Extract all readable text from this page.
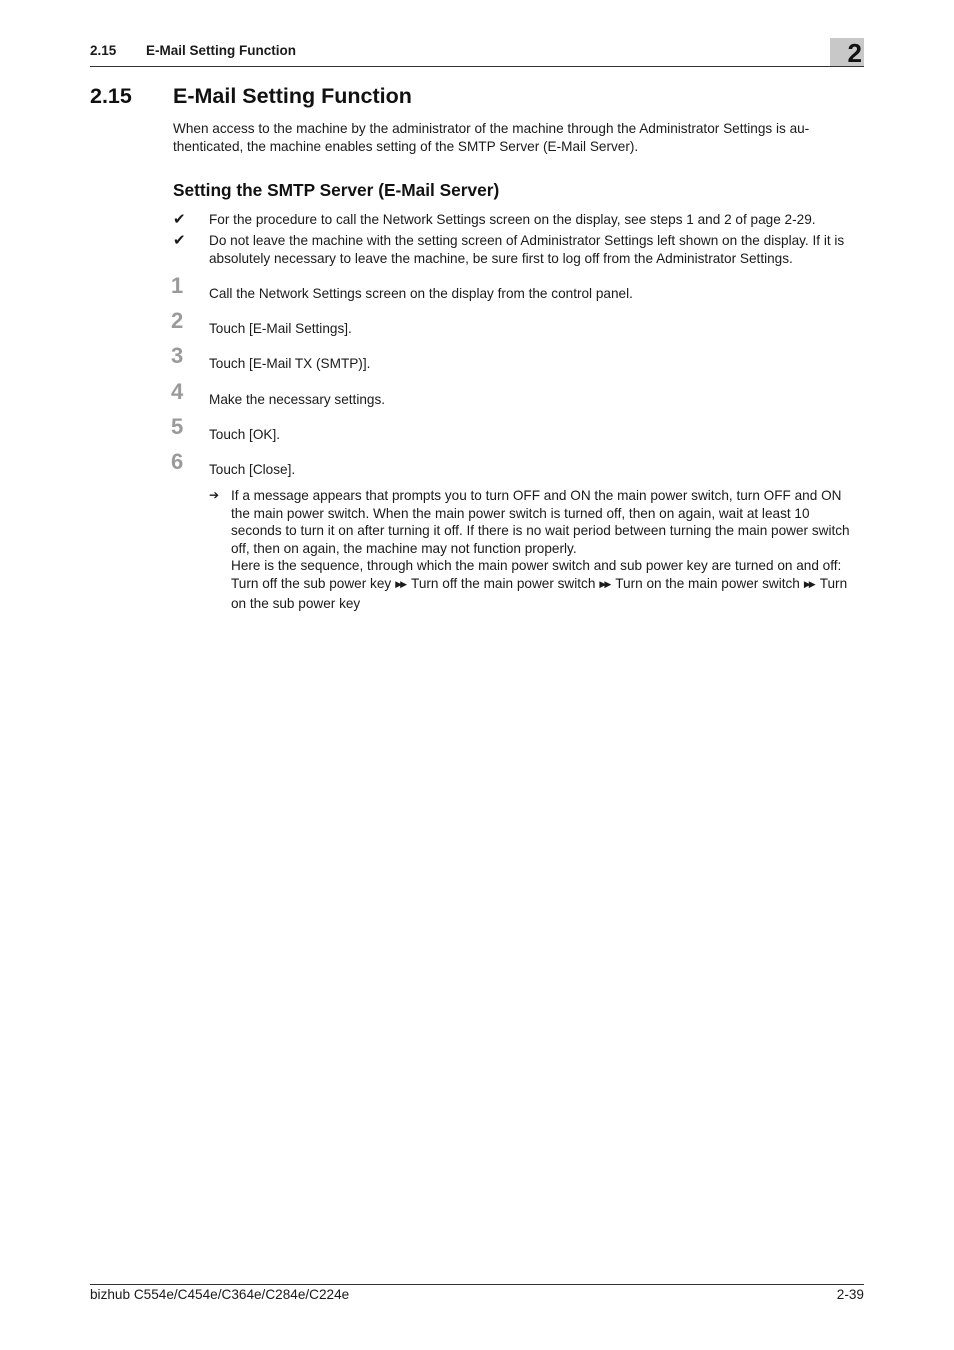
2.15 E-Mail Setting Function	2
2.15 E-Mail Setting Function
When access to the machine by the administrator of the machine through the Administrator Settings is au-thenticated, the machine enables setting of the SMTP Server (E-Mail Server).
Setting the SMTP Server (E-Mail Server)
✔ For the procedure to call the Network Settings screen on the display, see steps 1 and 2 of page 2-29.
✔ Do not leave the machine with the setting screen of Administrator Settings left shown on the display. If it is absolutely necessary to leave the machine, be sure first to log off from the Administrator Settings.
1 Call the Network Settings screen on the display from the control panel.
2 Touch [E-Mail Settings].
3 Touch [E-Mail TX (SMTP)].
4 Make the necessary settings.
5 Touch [OK].
6 Touch [Close].
➔ If a message appears that prompts you to turn OFF and ON the main power switch, turn OFF and ON the main power switch. When the main power switch is turned off, then on again, wait at least 10 seconds to turn it on after turning it off. If there is no wait period between turning the main power switch off, then on again, the machine may not function properly.

Here is the sequence, through which the main power switch and sub power key are turned on and off:

Turn off the sub power key ▶▶ Turn off the main power switch ▶▶ Turn on the main power switch ▶▶ Turn on the sub power key

bizhub C554e/C454e/C364e/C284e/C224e	2-39
